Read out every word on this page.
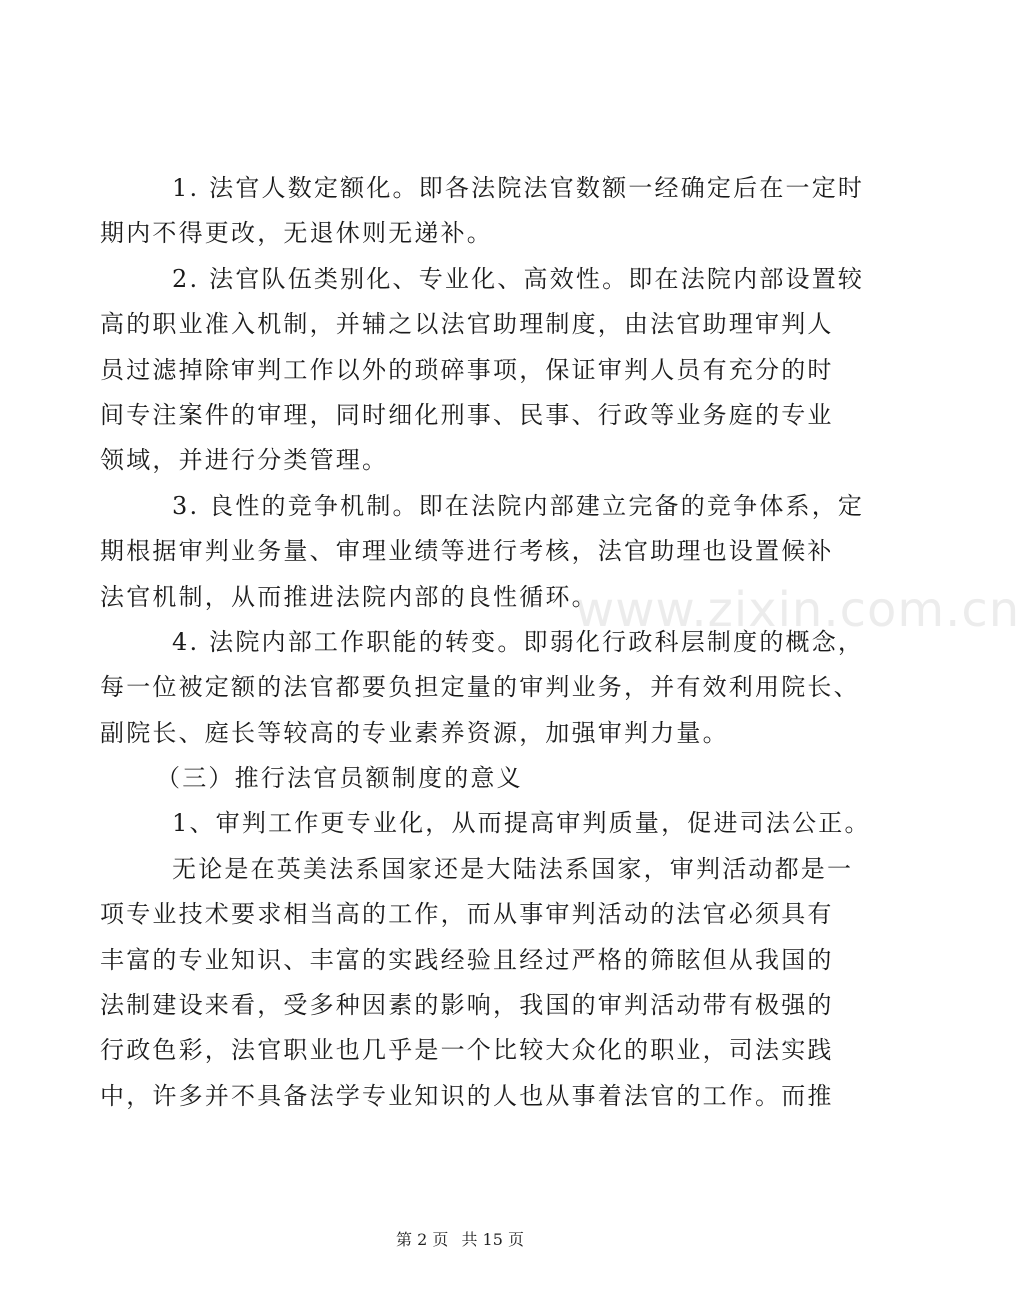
1. 法官人数定额化。即各法院法官数额一经确定后在一定时
期内不得更改，无退休则无递补。
2. 法官队伍类别化、专业化、高效性。即在法院内部设置较
高的职业准入机制，并辅之以法官助理制度，由法官助理审判人
员过滤掉除审判工作以外的琐碎事项，保证审判人员有充分的时
间专注案件的审理，同时细化刑事、民事、行政等业务庭的专业
领域，并进行分类管理。
3. 良性的竞争机制。即在法院内部建立完备的竞争体系，定
期根据审判业务量、审理业绩等进行考核，法官助理也设置候补
法官机制，从而推进法院内部的良性循环。
4. 法院内部工作职能的转变。即弱化行政科层制度的概念，
每一位被定额的法官都要负担定量的审判业务，并有效利用院长、
副院长、庭长等较高的专业素养资源，加强审判力量。
（三）推行法官员额制度的意义
1、审判工作更专业化，从而提高审判质量，促进司法公正。
无论是在英美法系国家还是大陆法系国家，审判活动都是一
项专业技术要求相当高的工作，而从事审判活动的法官必须具有
丰富的专业知识、丰富的实践经验且经过严格的筛眩但从我国的
法制建设来看，受多种因素的影响，我国的审判活动带有极强的
行政色彩，法官职业也几乎是一个比较大众化的职业，司法实践
中，许多并不具备法学专业知识的人也从事着法官的工作。而推
www.zixin.com.cn
第 2 页 共 15 页
